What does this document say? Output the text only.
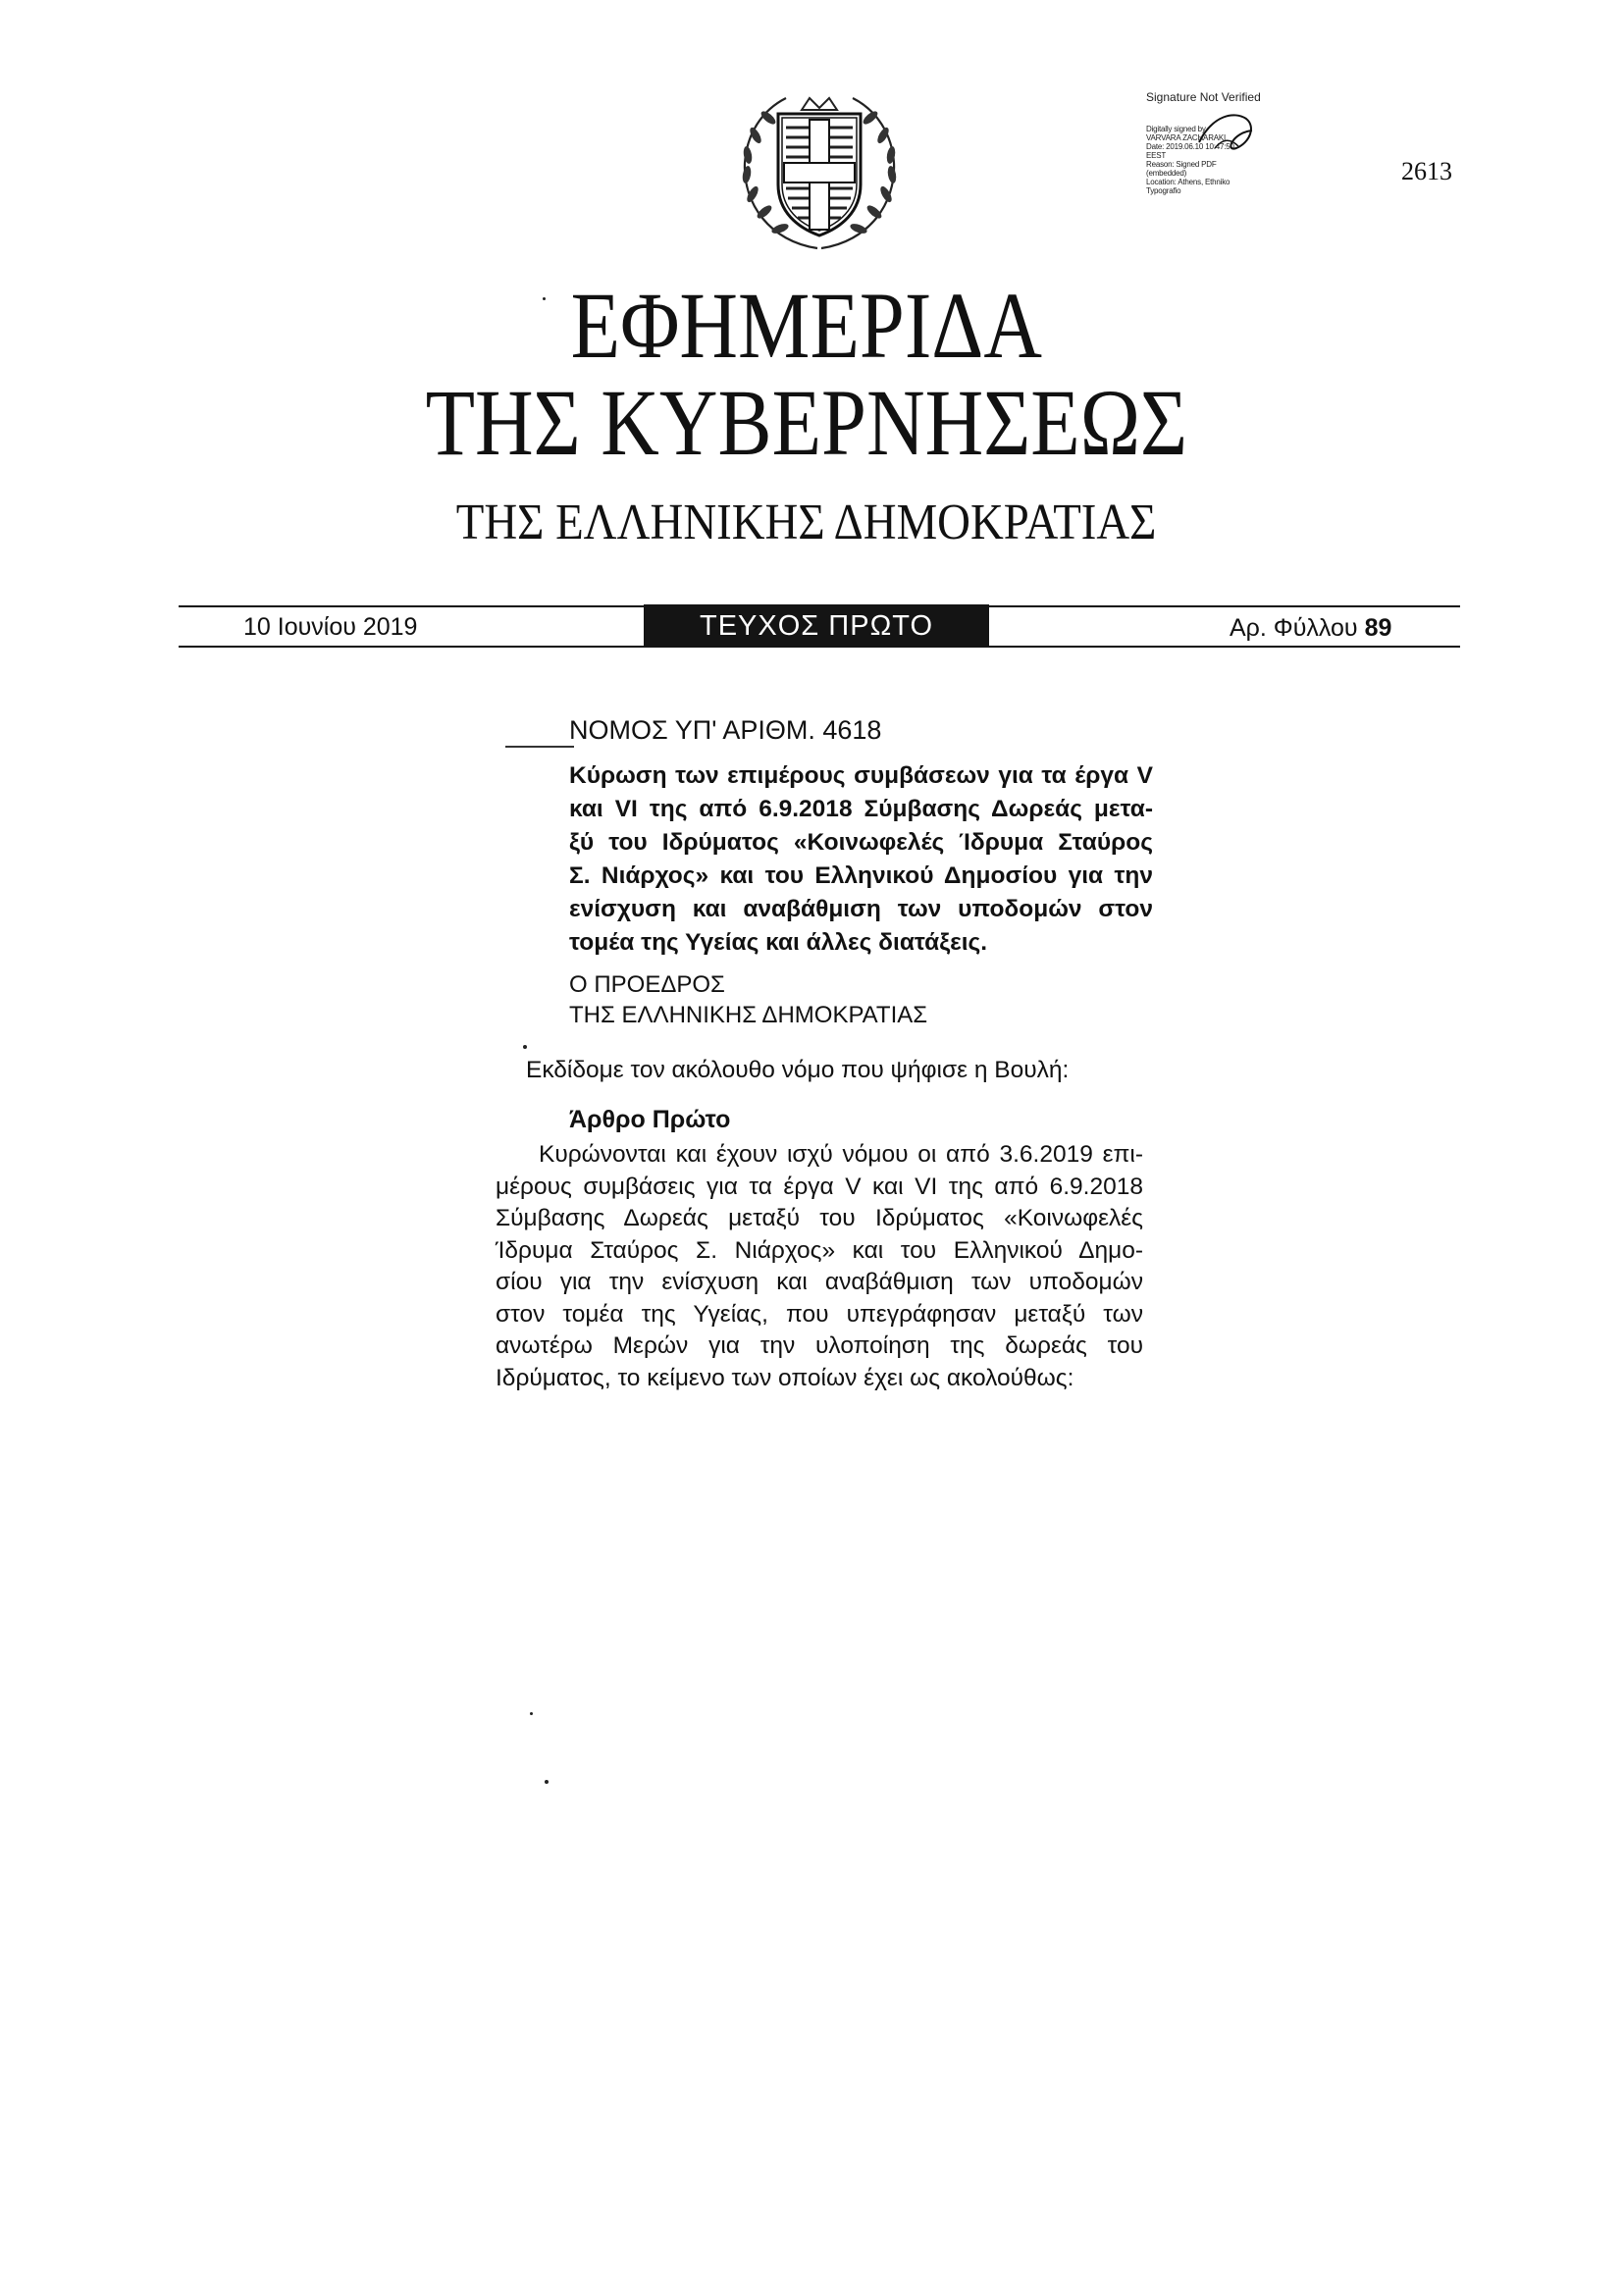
Signature Not Verified
Digitally signed by
VARVARA ZACHARAKI
Date: 2019.06.10 10:47:50
EEST
Reason: Signed PDF
(embedded)
Location: Athens, Ethniko
Typografio
2613
ΕΦΗΜΕΡΙΔΑ
ΤΗΣ ΚΥΒΕΡΝΗΣΕΩΣ
ΤΗΣ ΕΛΛΗΝΙΚΗΣ ΔΗΜΟΚΡΑΤΙΑΣ
10 Ιουνίου 2019	ΤΕΥΧΟΣ ΠΡΩΤΟ	Αρ. Φύλλου 89
ΝΟΜΟΣ ΥΠ' ΑΡΙΘΜ. 4618
Κύρωση των επιμέρους συμβάσεων για τα έργα V
και VI της από 6.9.2018 Σύμβασης Δωρεάς μετα-
ξύ του Ιδρύματος «Κοινωφελές Ίδρυμα Σταύρος
Σ. Νιάρχος» και του Ελληνικού Δημοσίου για την
ενίσχυση και αναβάθμιση των υποδομών στον
τομέα της Υγείας και άλλες διατάξεις.
Ο ΠΡΟΕΔΡΟΣ
ΤΗΣ ΕΛΛΗΝΙΚΗΣ ΔΗΜΟΚΡΑΤΙΑΣ
Εκδίδομε τον ακόλουθο νόμο που ψήφισε η Βουλή:
Άρθρο Πρώτο
Κυρώνονται και έχουν ισχύ νόμου οι από 3.6.2019 επι-
μέρους συμβάσεις για τα έργα V και VI της από 6.9.2018
Σύμβασης Δωρεάς μεταξύ του Ιδρύματος «Κοινωφελές
Ίδρυμα Σταύρος Σ. Νιάρχος» και του Ελληνικού Δημο-
σίου για την ενίσχυση και αναβάθμιση των υποδομών
στον τομέα της Υγείας, που υπεγράφησαν μεταξύ των
ανωτέρω Μερών για την υλοποίηση της δωρεάς του
Ιδρύματος, το κείμενο των οποίων έχει ως ακολούθως:
